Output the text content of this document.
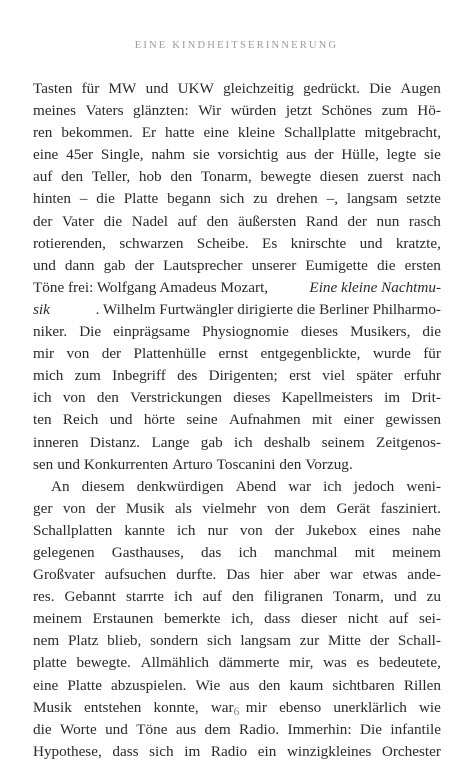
EINE KINDHEITSERINNERUNG
Tasten für MW und UKW gleichzeitig gedrückt. Die Augen
meines Vaters glänzten: Wir würden jetzt Schönes zum Hö-
ren bekommen. Er hatte eine kleine Schallplatte mitgebracht,
eine 45er Single, nahm sie vorsichtig aus der Hülle, legte sie
auf den Teller, hob den Tonarm, bewegte diesen zuerst nach
hinten – die Platte begann sich zu drehen –, langsam setzte
der Vater die Nadel auf den äußersten Rand der nun rasch
rotierenden, schwarzen Scheibe. Es knirschte und kratzte,
und dann gab der Lautsprecher unserer Eumigette die ersten
Töne frei: Wolfgang Amadeus Mozart,	Eine kleine Nachtmu-
sik	. Wilhelm Furtwängler dirigierte die Berliner Philharmo-
niker. Die einprägsame Physiognomie dieses Musikers, die
mir von der Plattenhülle ernst entgegenblickte, wurde für
mich zum Inbegriff des Dirigenten; erst viel später erfuhr
ich von den Verstrickungen dieses Kapellmeisters im Drit-
ten Reich und hörte seine Aufnahmen mit einer gewissen
inneren Distanz. Lange gab ich deshalb seinem Zeitgenos-
sen und Konkurrenten Arturo Toscanini den Vorzug.
An diesem denkwürdigen Abend war ich jedoch weni-
ger von der Musik als vielmehr von dem Gerät fasziniert.
Schallplatten kannte ich nur von der Jukebox eines nahe
gelegenen Gasthauses, das ich manchmal mit meinem
Großvater aufsuchen durfte. Das hier aber war etwas ande-
res. Gebannt starrte ich auf den filigranen Tonarm, und zu
meinem Erstaunen bemerkte ich, dass dieser nicht auf sei-
nem Platz blieb, sondern sich langsam zur Mitte der Schall-
platte bewegte. Allmählich dämmerte mir, was es bedeutete,
eine Platte abzuspielen. Wie aus den kaum sichtbaren Rillen
Musik entstehen konnte, war mir ebenso unerklärlich wie
die Worte und Töne aus dem Radio. Immerhin: Die infantile
Hypothese, dass sich im Radio ein winzigkleines Orchester
6
